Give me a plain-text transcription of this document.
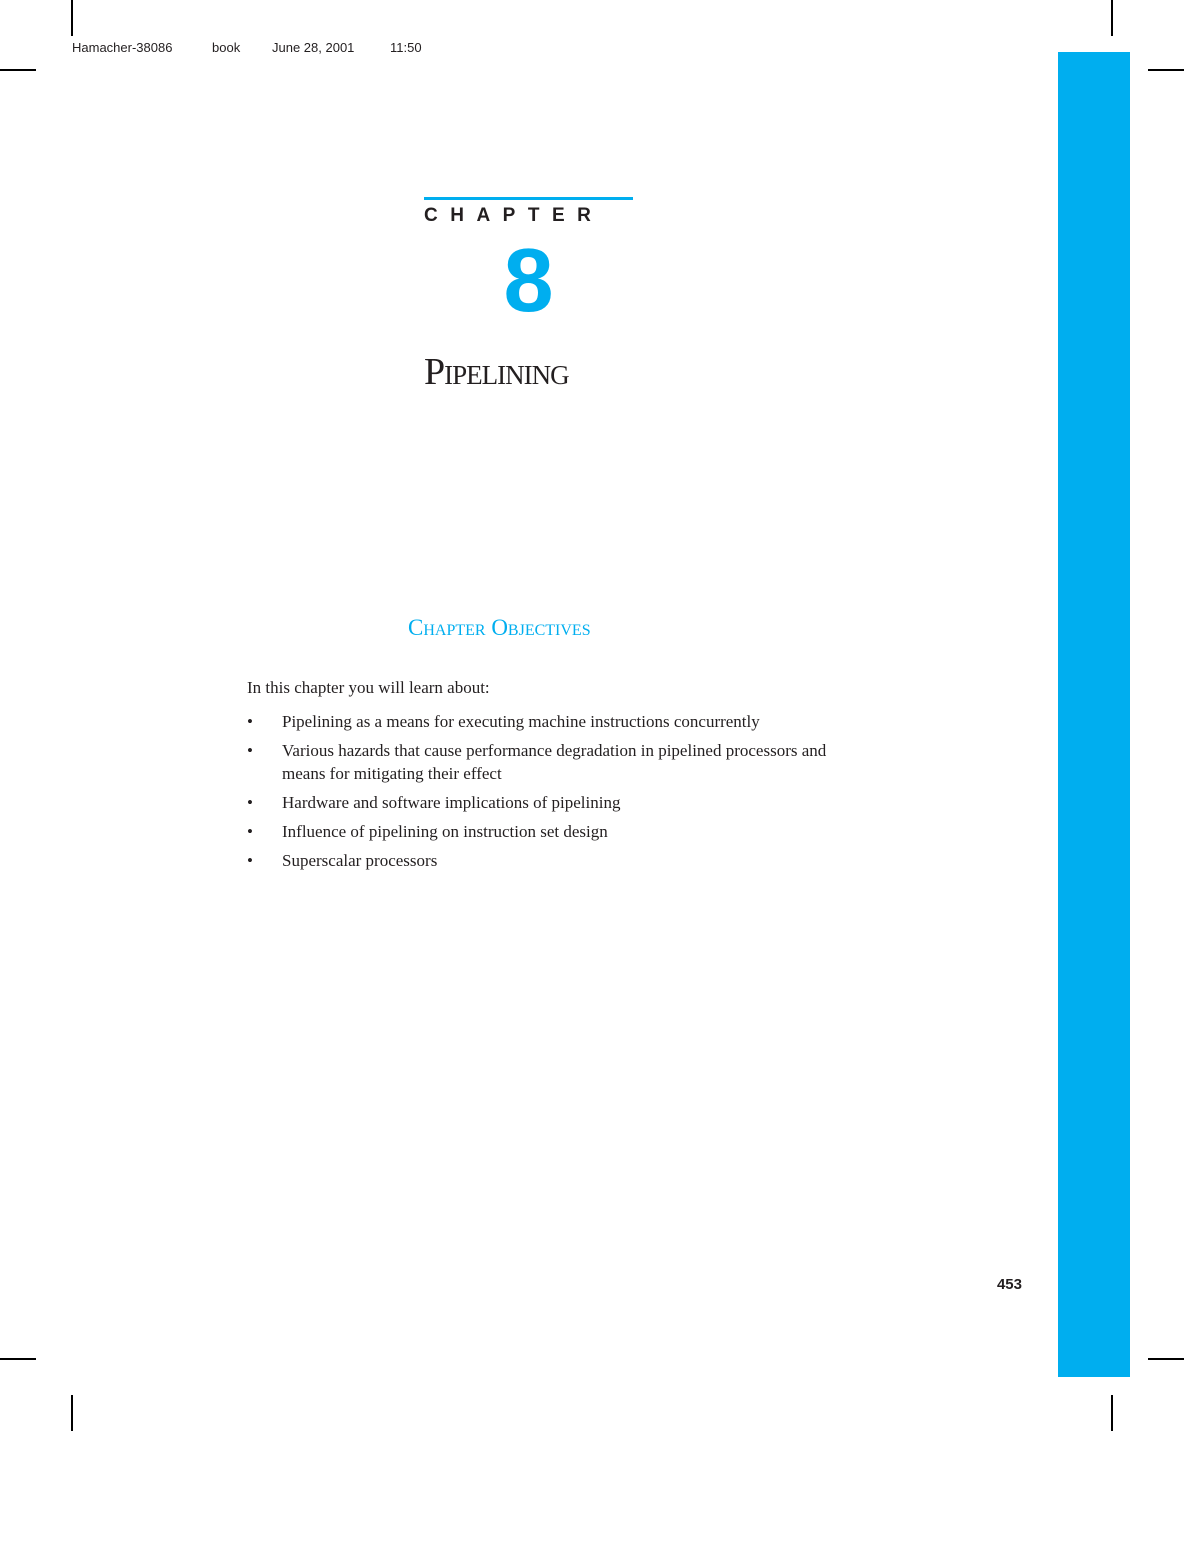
Hamacher-38086	book June 28, 2001	11:50
CHAPTER
8
Pipelining
Chapter Objectives
In this chapter you will learn about:
•	Pipelining as a means for executing machine instructions concurrently
•	Various hazards that cause performance degradation in pipelined processors and means for mitigating their effect
•	Hardware and software implications of pipelining
•	Influence of pipelining on instruction set design
•	Superscalar processors
453
